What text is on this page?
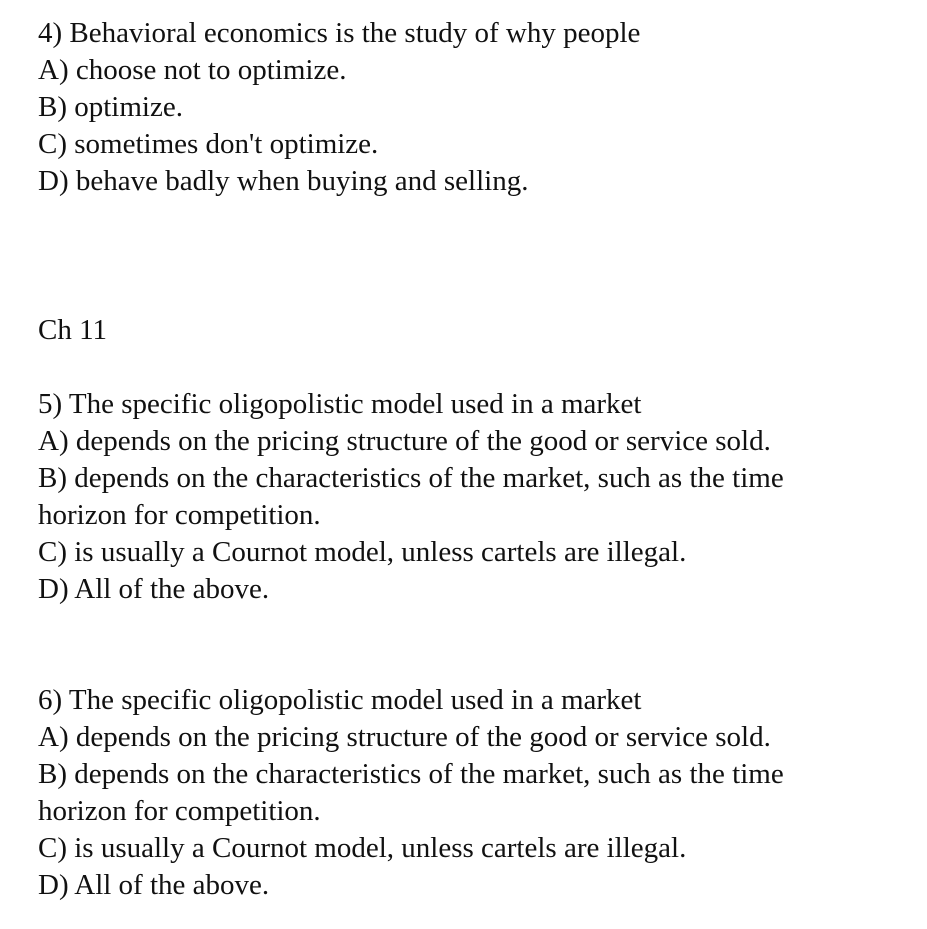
4) Behavioral economics is the study of why people
A) choose not to optimize.
B) optimize.
C) sometimes don't optimize.
D) behave badly when buying and selling.
Ch 11
5) The specific oligopolistic model used in a market
A) depends on the pricing structure of the good or service sold.
B) depends on the characteristics of the market, such as the time
horizon for competition.
C) is usually a Cournot model, unless cartels are illegal.
D) All of the above.
6) The specific oligopolistic model used in a market
A) depends on the pricing structure of the good or service sold.
B) depends on the characteristics of the market, such as the time
horizon for competition.
C) is usually a Cournot model, unless cartels are illegal.
D) All of the above.
